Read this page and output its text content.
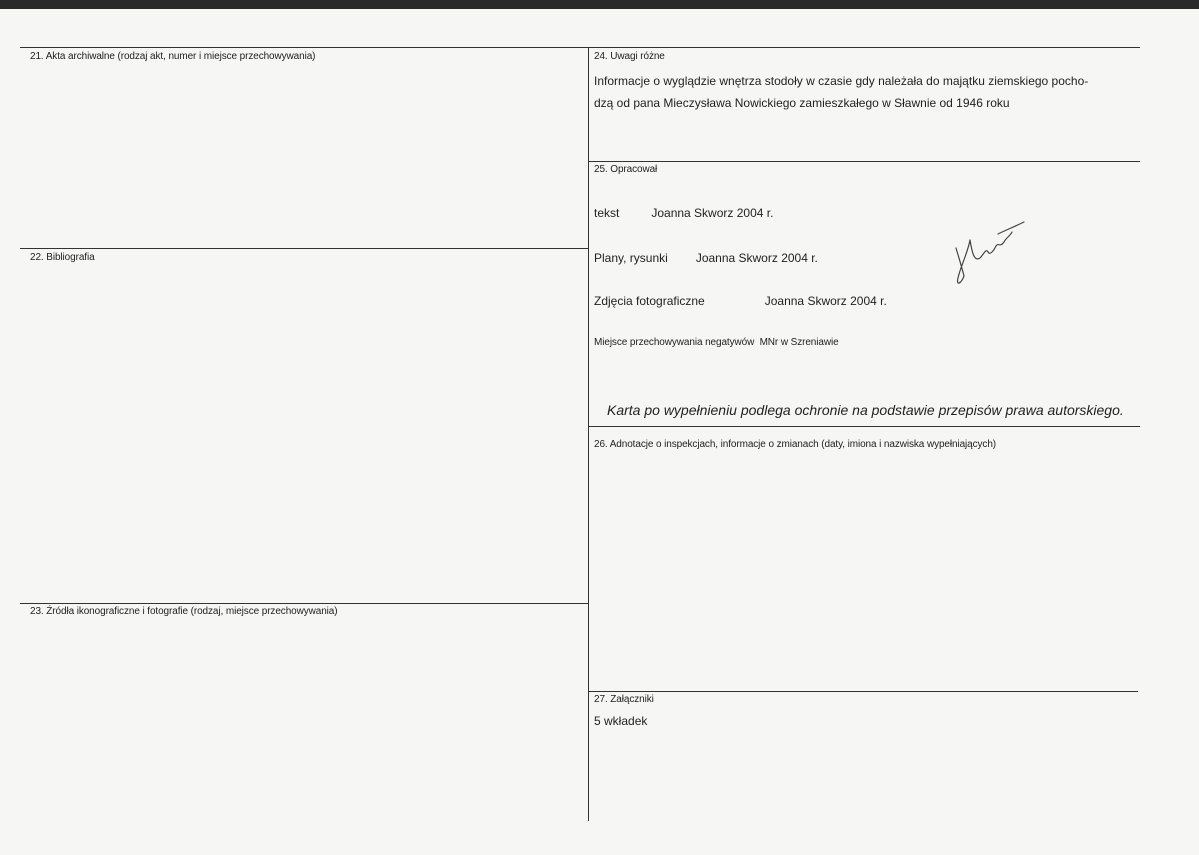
21. Akta archiwalne (rodzaj akt, numer i miejsce przechowywania)
22. Bibliografia
23. Źródła ikonograficzne i fotografie (rodzaj, miejsce przechowywania)
24. Uwagi różne
Informacje o wyglądzie wnętrza stodoły w czasie gdy należała do majątku ziemskiego pocho-
dzą od pana Mieczysława Nowickiego zamieszkałego w Sławnie od 1946 roku
25. Opracował
tekst	Joanna Skworz 2004 r.
Plany, rysunki Joanna Skworz 2004 r.
Zdjęcia fotograficzne	Joanna Skworz 2004 r.
Miejsce przechowywania negatywów MNr w Szreniawie
Karta po wypełnieniu podlega ochronie na podstawie przepisów prawa autorskiego.
26. Adnotacje o inspekcjach, informacje o zmianach (daty, imiona i nazwiska wypełniających)
27. Załączniki
5 wkładek
